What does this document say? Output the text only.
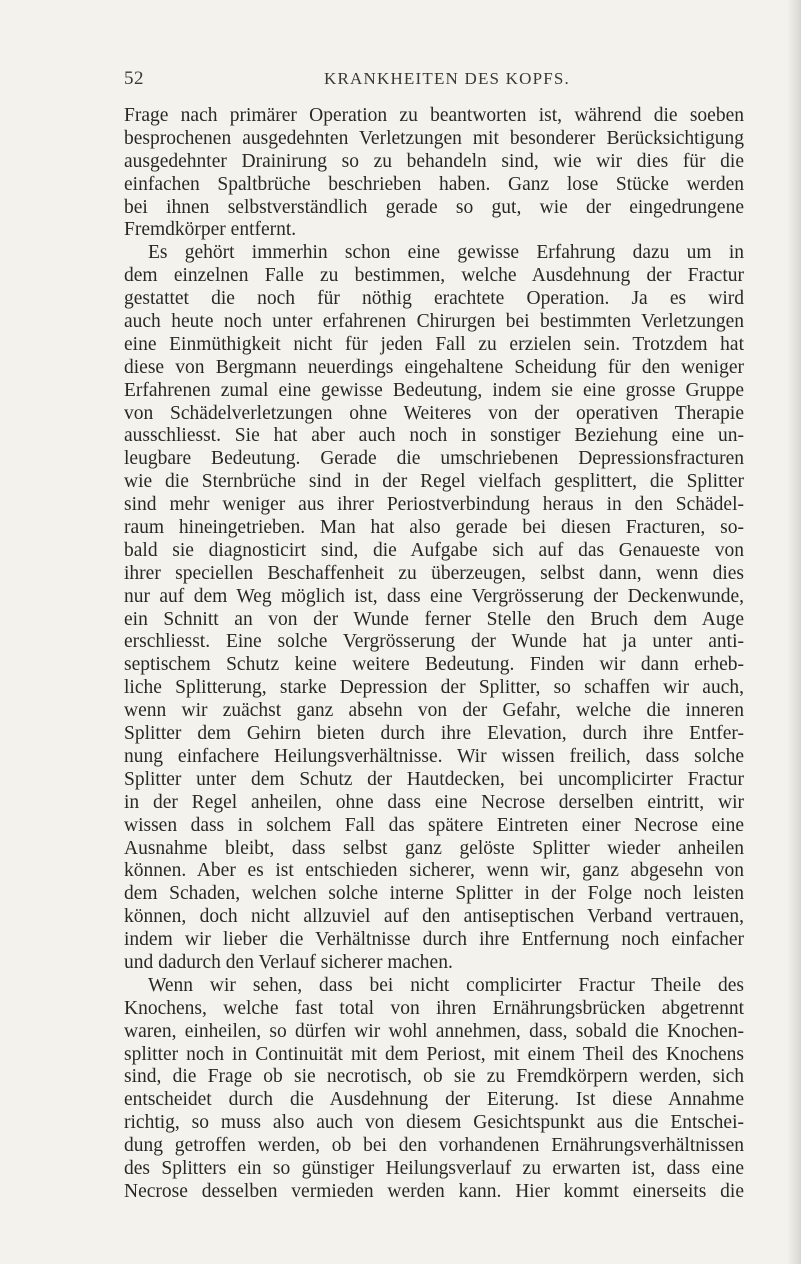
52	KRANKHEITEN DES KOPFS.
Frage nach primärer Operation zu beantworten ist, während die soeben
besprochenen ausgedehnten Verletzungen mit besonderer Berücksichtigung
ausgedehnter Drainirung so zu behandeln sind, wie wir dies für die
einfachen Spaltbrüche beschrieben haben. Ganz lose Stücke werden
bei ihnen selbstverständlich gerade so gut, wie der eingedrungene
Fremdkörper entfernt.
Es gehört immerhin schon eine gewisse Erfahrung dazu um in
dem einzelnen Falle zu bestimmen, welche Ausdehnung der Fractur
gestattet die noch für nöthig erachtete Operation. Ja es wird
auch heute noch unter erfahrenen Chirurgen bei bestimmten Verletzungen
eine Einmüthigkeit nicht für jeden Fall zu erzielen sein. Trotzdem hat
diese von Bergmann neuerdings eingehaltene Scheidung für den weniger
Erfahrenen zumal eine gewisse Bedeutung, indem sie eine grosse Gruppe
von Schädelverletzungen ohne Weiteres von der operativen Therapie
ausschliesst. Sie hat aber auch noch in sonstiger Beziehung eine un-
leugbare Bedeutung. Gerade die umschriebenen Depressionsfracturen
wie die Sternbrüche sind in der Regel vielfach gesplittert, die Splitter
sind mehr weniger aus ihrer Periostverbindung heraus in den Schädel-
raum hineingetrieben. Man hat also gerade bei diesen Fracturen, so-
bald sie diagnosticirt sind, die Aufgabe sich auf das Genaueste von
ihrer speciellen Beschaffenheit zu überzeugen, selbst dann, wenn dies
nur auf dem Weg möglich ist, dass eine Vergrösserung der Deckenwunde,
ein Schnitt an von der Wunde ferner Stelle den Bruch dem Auge
erschliesst. Eine solche Vergrösserung der Wunde hat ja unter anti-
septischem Schutz keine weitere Bedeutung. Finden wir dann erheb-
liche Splitterung, starke Depression der Splitter, so schaffen wir auch,
wenn wir zuächst ganz absehn von der Gefahr, welche die inneren
Splitter dem Gehirn bieten durch ihre Elevation, durch ihre Entfer-
nung einfachere Heilungsverhältnisse. Wir wissen freilich, dass solche
Splitter unter dem Schutz der Hautdecken, bei uncomplicirter Fractur
in der Regel anheilen, ohne dass eine Necrose derselben eintritt, wir
wissen dass in solchem Fall das spätere Eintreten einer Necrose eine
Ausnahme bleibt, dass selbst ganz gelöste Splitter wieder anheilen
können. Aber es ist entschieden sicherer, wenn wir, ganz abgesehn von
dem Schaden, welchen solche interne Splitter in der Folge noch leisten
können, doch nicht allzuviel auf den antiseptischen Verband vertrauen,
indem wir lieber die Verhältnisse durch ihre Entfernung noch einfacher
und dadurch den Verlauf sicherer machen.
Wenn wir sehen, dass bei nicht complicirter Fractur Theile des
Knochens, welche fast total von ihren Ernährungsbrücken abgetrennt
waren, einheilen, so dürfen wir wohl annehmen, dass, sobald die Knochen-
splitter noch in Continuität mit dem Periost, mit einem Theil des Knochens
sind, die Frage ob sie necrotisch, ob sie zu Fremdkörpern werden, sich
entscheidet durch die Ausdehnung der Eiterung. Ist diese Annahme
richtig, so muss also auch von diesem Gesichtspunkt aus die Entschei-
dung getroffen werden, ob bei den vorhandenen Ernährungsverhältnissen
des Splitters ein so günstiger Heilungsverlauf zu erwarten ist, dass eine
Necrose desselben vermieden werden kann. Hier kommt einerseits die
